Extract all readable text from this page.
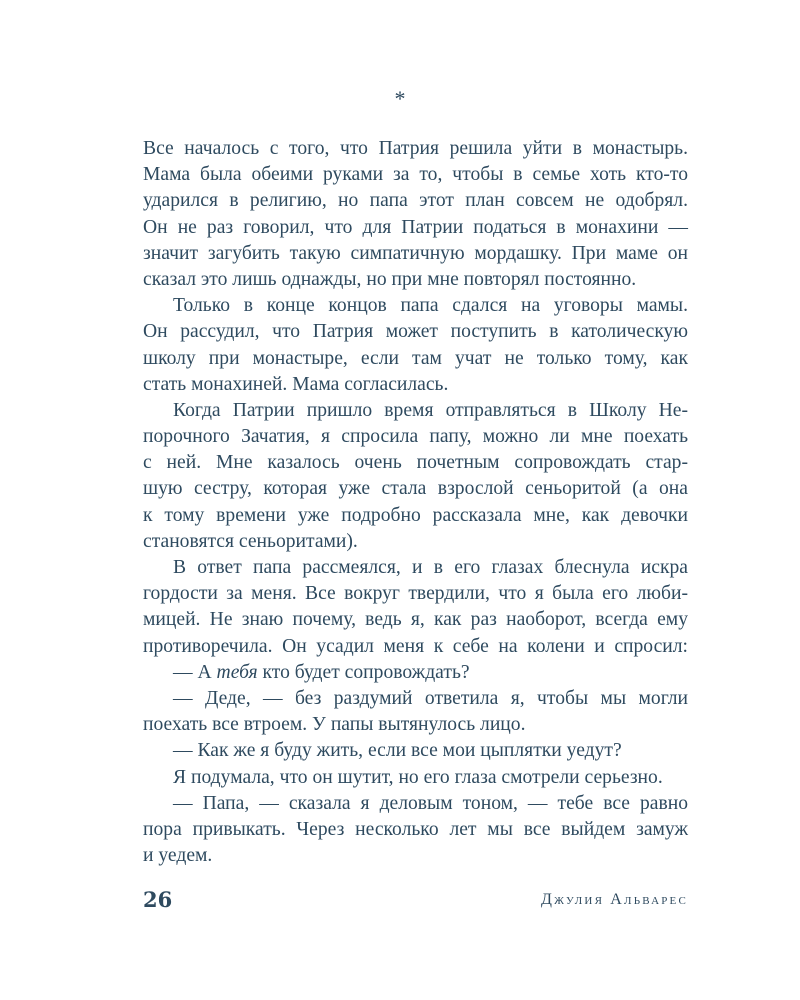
*
Все началось с того, что Патрия решила уйти в монастырь.
Мама была обеими руками за то, чтобы в семье хоть кто-то
ударился в религию, но папа этот план совсем не одобрял.
Он не раз говорил, что для Патрии податься в монахини —
значит загубить такую симпатичную мордашку. При маме он
сказал это лишь однажды, но при мне повторял постоянно.
Только в конце концов папа сдался на уговоры мамы.
Он рассудил, что Патрия может поступить в католическую
школу при монастыре, если там учат не только тому, как
стать монахиней. Мама согласилась.
Когда Патрии пришло время отправляться в Школу Не-
порочного Зачатия, я спросила папу, можно ли мне поехать
с ней. Мне казалось очень почетным сопровождать стар-
шую сестру, которая уже стала взрослой сеньоритой (а она
к тому времени уже подробно рассказала мне, как девочки
становятся сеньоритами).
В ответ папа рассмеялся, и в его глазах блеснула искра
гордости за меня. Все вокруг твердили, что я была его люби-
мицей. Не знаю почему, ведь я, как раз наоборот, всегда ему
противоречила. Он усадил меня к себе на колени и спросил:
— А тебя кто будет сопровождать?
— Деде, — без раздумий ответила я, чтобы мы могли
поехать все втроем. У папы вытянулось лицо.
— Как же я буду жить, если все мои цыплятки уедут?
Я подумала, что он шутит, но его глаза смотрели серьезно.
— Папа, — сказала я деловым тоном, — тебе все равно
пора привыкать. Через несколько лет мы все выйдем замуж
и уедем.
26	Джулия Альварес
